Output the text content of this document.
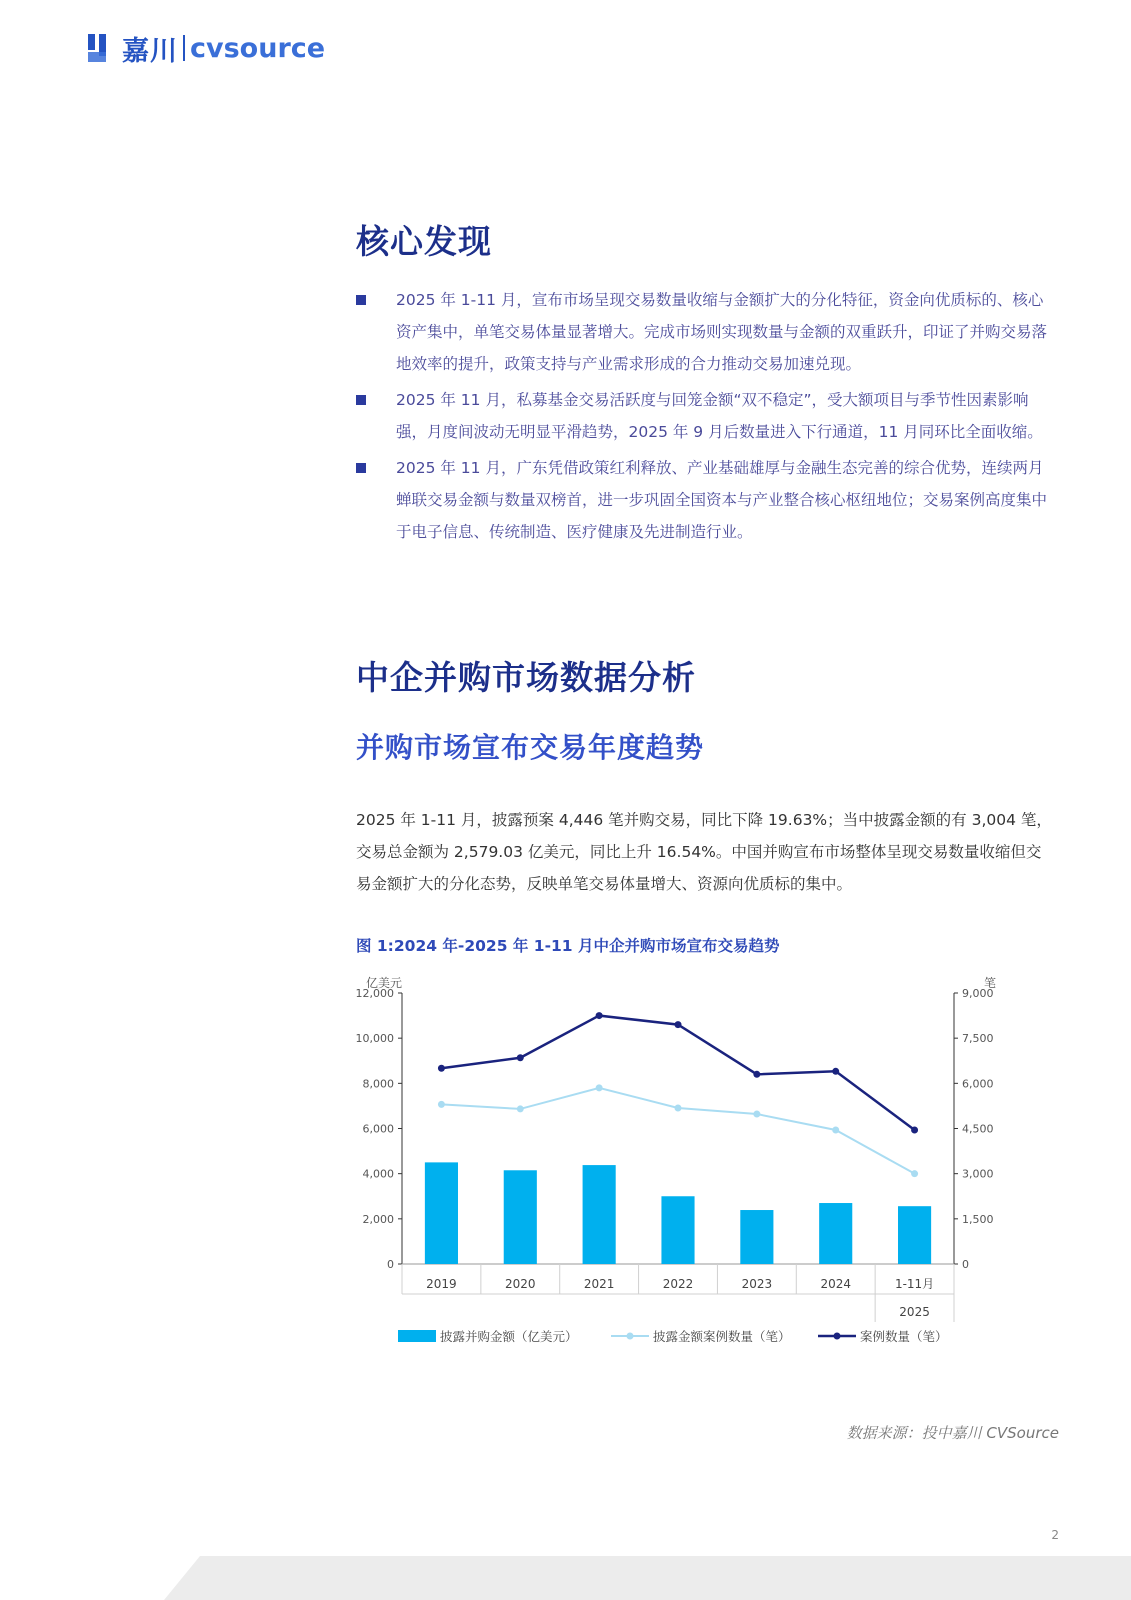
嘉川 cvsource
核心发现
2025 年 1-11 月，宣布市场呈现交易数量收缩与金额扩大的分化特征，资金向优质标的、核心资产集中，单笔交易体量显著增大。完成市场则实现数量与金额的双重跃升，印证了并购交易落地效率的提升，政策支持与产业需求形成的合力推动交易加速兑现。
2025 年 11 月，私募基金交易活跃度与回笼金额“双不稳定”，受大额项目与季节性因素影响强，月度间波动无明显平滑趋势，2025 年 9 月后数量进入下行通道，11 月同环比全面收缩。
2025 年 11 月，广东凭借政策红利释放、产业基础雄厚与金融生态完善的综合优势，连续两月蝉联交易金额与数量双榜首，进一步巩固全国资本与产业整合核心枢纽地位；交易案例高度集中于电子信息、传统制造、医疗健康及先进制造行业。
中企并购市场数据分析
并购市场宣布交易年度趋势

2025 年 1-11 月，披露预案 4,446 笔并购交易，同比下降 19.63%；当中披露金额的有 3,004 笔，交易总金额为 2,579.03 亿美元，同比上升 16.54%。中国并购宣布市场整体呈现交易数量收缩但交易金额扩大的分化态势，反映单笔交易体量增大、资源向优质标的集中。

图 1:2024 年-2025 年 1-11 月中企并购市场宣布交易趋势

亿美元	笔
0
2,000
4,000
6,000
8,000
10,000
12,000
0
1,500
3,000
4,500
6,000
7,500
9,000
2019	2020	2021	2022	2023	2024	1-11月
2025
披露并购金额（亿美元）	披露金额案例数量（笔）	案例数量（笔）
数据来源：投中嘉川 CVSource
2
